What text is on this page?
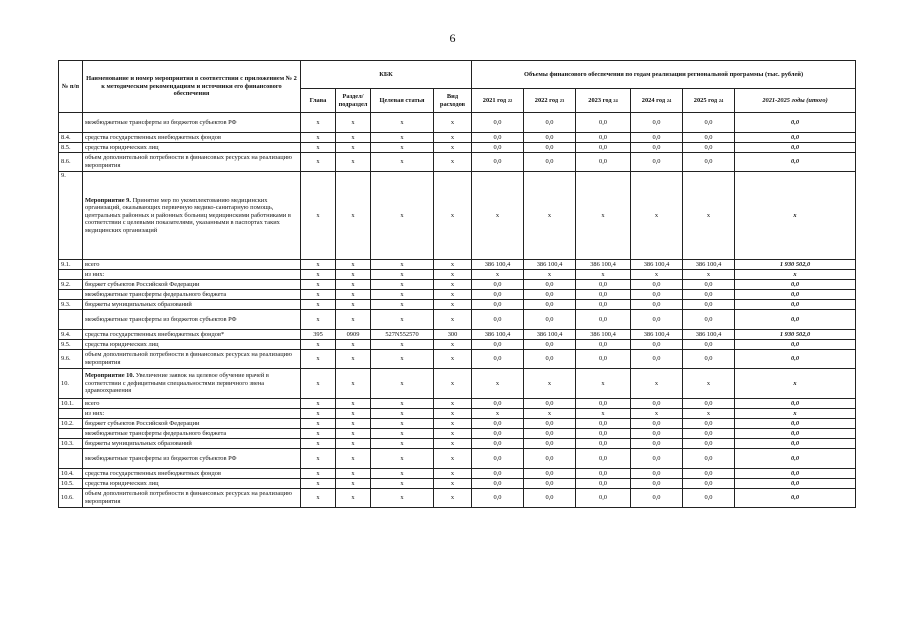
6
№ п/п	Наименование и номер мероприятия в соответствии с приложением № 2 к методическим рекомендациям и источники его финансового обеспечения	КБК				Объемы финансового обеспечения по годам реализации региональной программы (тыс. рублей)					
		Глава	Раздел/ подраздел	Целевая статья	Вид расходов	2021 год 22	2022 год 23	2023 год 24	2024 год 24	2025 год 24	2021-2025 годы (итого)
	межбюджетные трансферты из бюджетов субъектов РФ	x	x	x	x	0,0	0,0	0,0	0,0	0,0	0,0
8.4.	средства государственных внебюджетных фондов	x	x	x	x	0,0	0,0	0,0	0,0	0,0	0,0
8.5.	средства юридических лиц	x	x	x	x	0,0	0,0	0,0	0,0	0,0	0,0
8.6.	объем дополнительной потребности в финансовых ресурсах на реализацию мероприятия	x	x	x	x	0,0	0,0	0,0	0,0	0,0	0,0
9.	Мероприятие 9. Принятие мер по укомплектованию медицинских организаций, оказывающих первичную медико-санитарную помощь, центральных районных и районных больниц медицинскими работниками в соответствии с целевыми показателями, указанными в паспортах таких медицинских организаций	x	x	x	x	x	x	x	x	x	x
9.1.	всего	x	x	x	x	386 100,4	386 100,4	386 100,4	386 100,4	386 100,4	1 930 502,0
	из них:	x	x	x	x	x	x	x	x	x	x
9.2.	бюджет субъектов Российской Федерации	x	x	x	x	0,0	0,0	0,0	0,0	0,0	0,0
	межбюджетные трансферты федерального бюджета	x	x	x	x	0,0	0,0	0,0	0,0	0,0	0,0
9.3.	бюджеты муниципальных образований	x	x	x	x	0,0	0,0	0,0	0,0	0,0	0,0
	межбюджетные трансферты из бюджетов субъектов РФ	x	x	x	x	0,0	0,0	0,0	0,0	0,0	0,0
9.4.	средства государственных внебюджетных фондов*	395	0909	527N552570	300	386 100,4	386 100,4	386 100,4	386 100,4	386 100,4	1 930 502,0
9.5.	средства юридических лиц	x	x	x	x	0,0	0,0	0,0	0,0	0,0	0,0
9.6.	объем дополнительной потребности в финансовых ресурсах на реализацию мероприятия	x	x	x	x	0,0	0,0	0,0	0,0	0,0	0,0
10.	Мероприятие 10. Увеличение заявок на целевое обучение врачей в соответствии с дефицитными специальностями первичного звена здравоохранения	x	x	x	x	x	x	x	x	x	x
10.1.	всего	x	x	x	x	0,0	0,0	0,0	0,0	0,0	0,0
	из них:	x	x	x	x	x	x	x	x	x	x
10.2.	бюджет субъектов Российской Федерации	x	x	x	x	0,0	0,0	0,0	0,0	0,0	0,0
	межбюджетные трансферты федерального бюджета	x	x	x	x	0,0	0,0	0,0	0,0	0,0	0,0
10.3.	бюджеты муниципальных образований	x	x	x	x	0,0	0,0	0,0	0,0	0,0	0,0
	межбюджетные трансферты из бюджетов субъектов РФ	x	x	x	x	0,0	0,0	0,0	0,0	0,0	0,0
10.4.	средства государственных внебюджетных фондов	x	x	x	x	0,0	0,0	0,0	0,0	0,0	0,0
10.5.	средства юридических лиц	x	x	x	x	0,0	0,0	0,0	0,0	0,0	0,0
10.6.	объем дополнительной потребности в финансовых ресурсах на реализацию мероприятия	x	x	x	x	0,0	0,0	0,0	0,0	0,0	0,0
